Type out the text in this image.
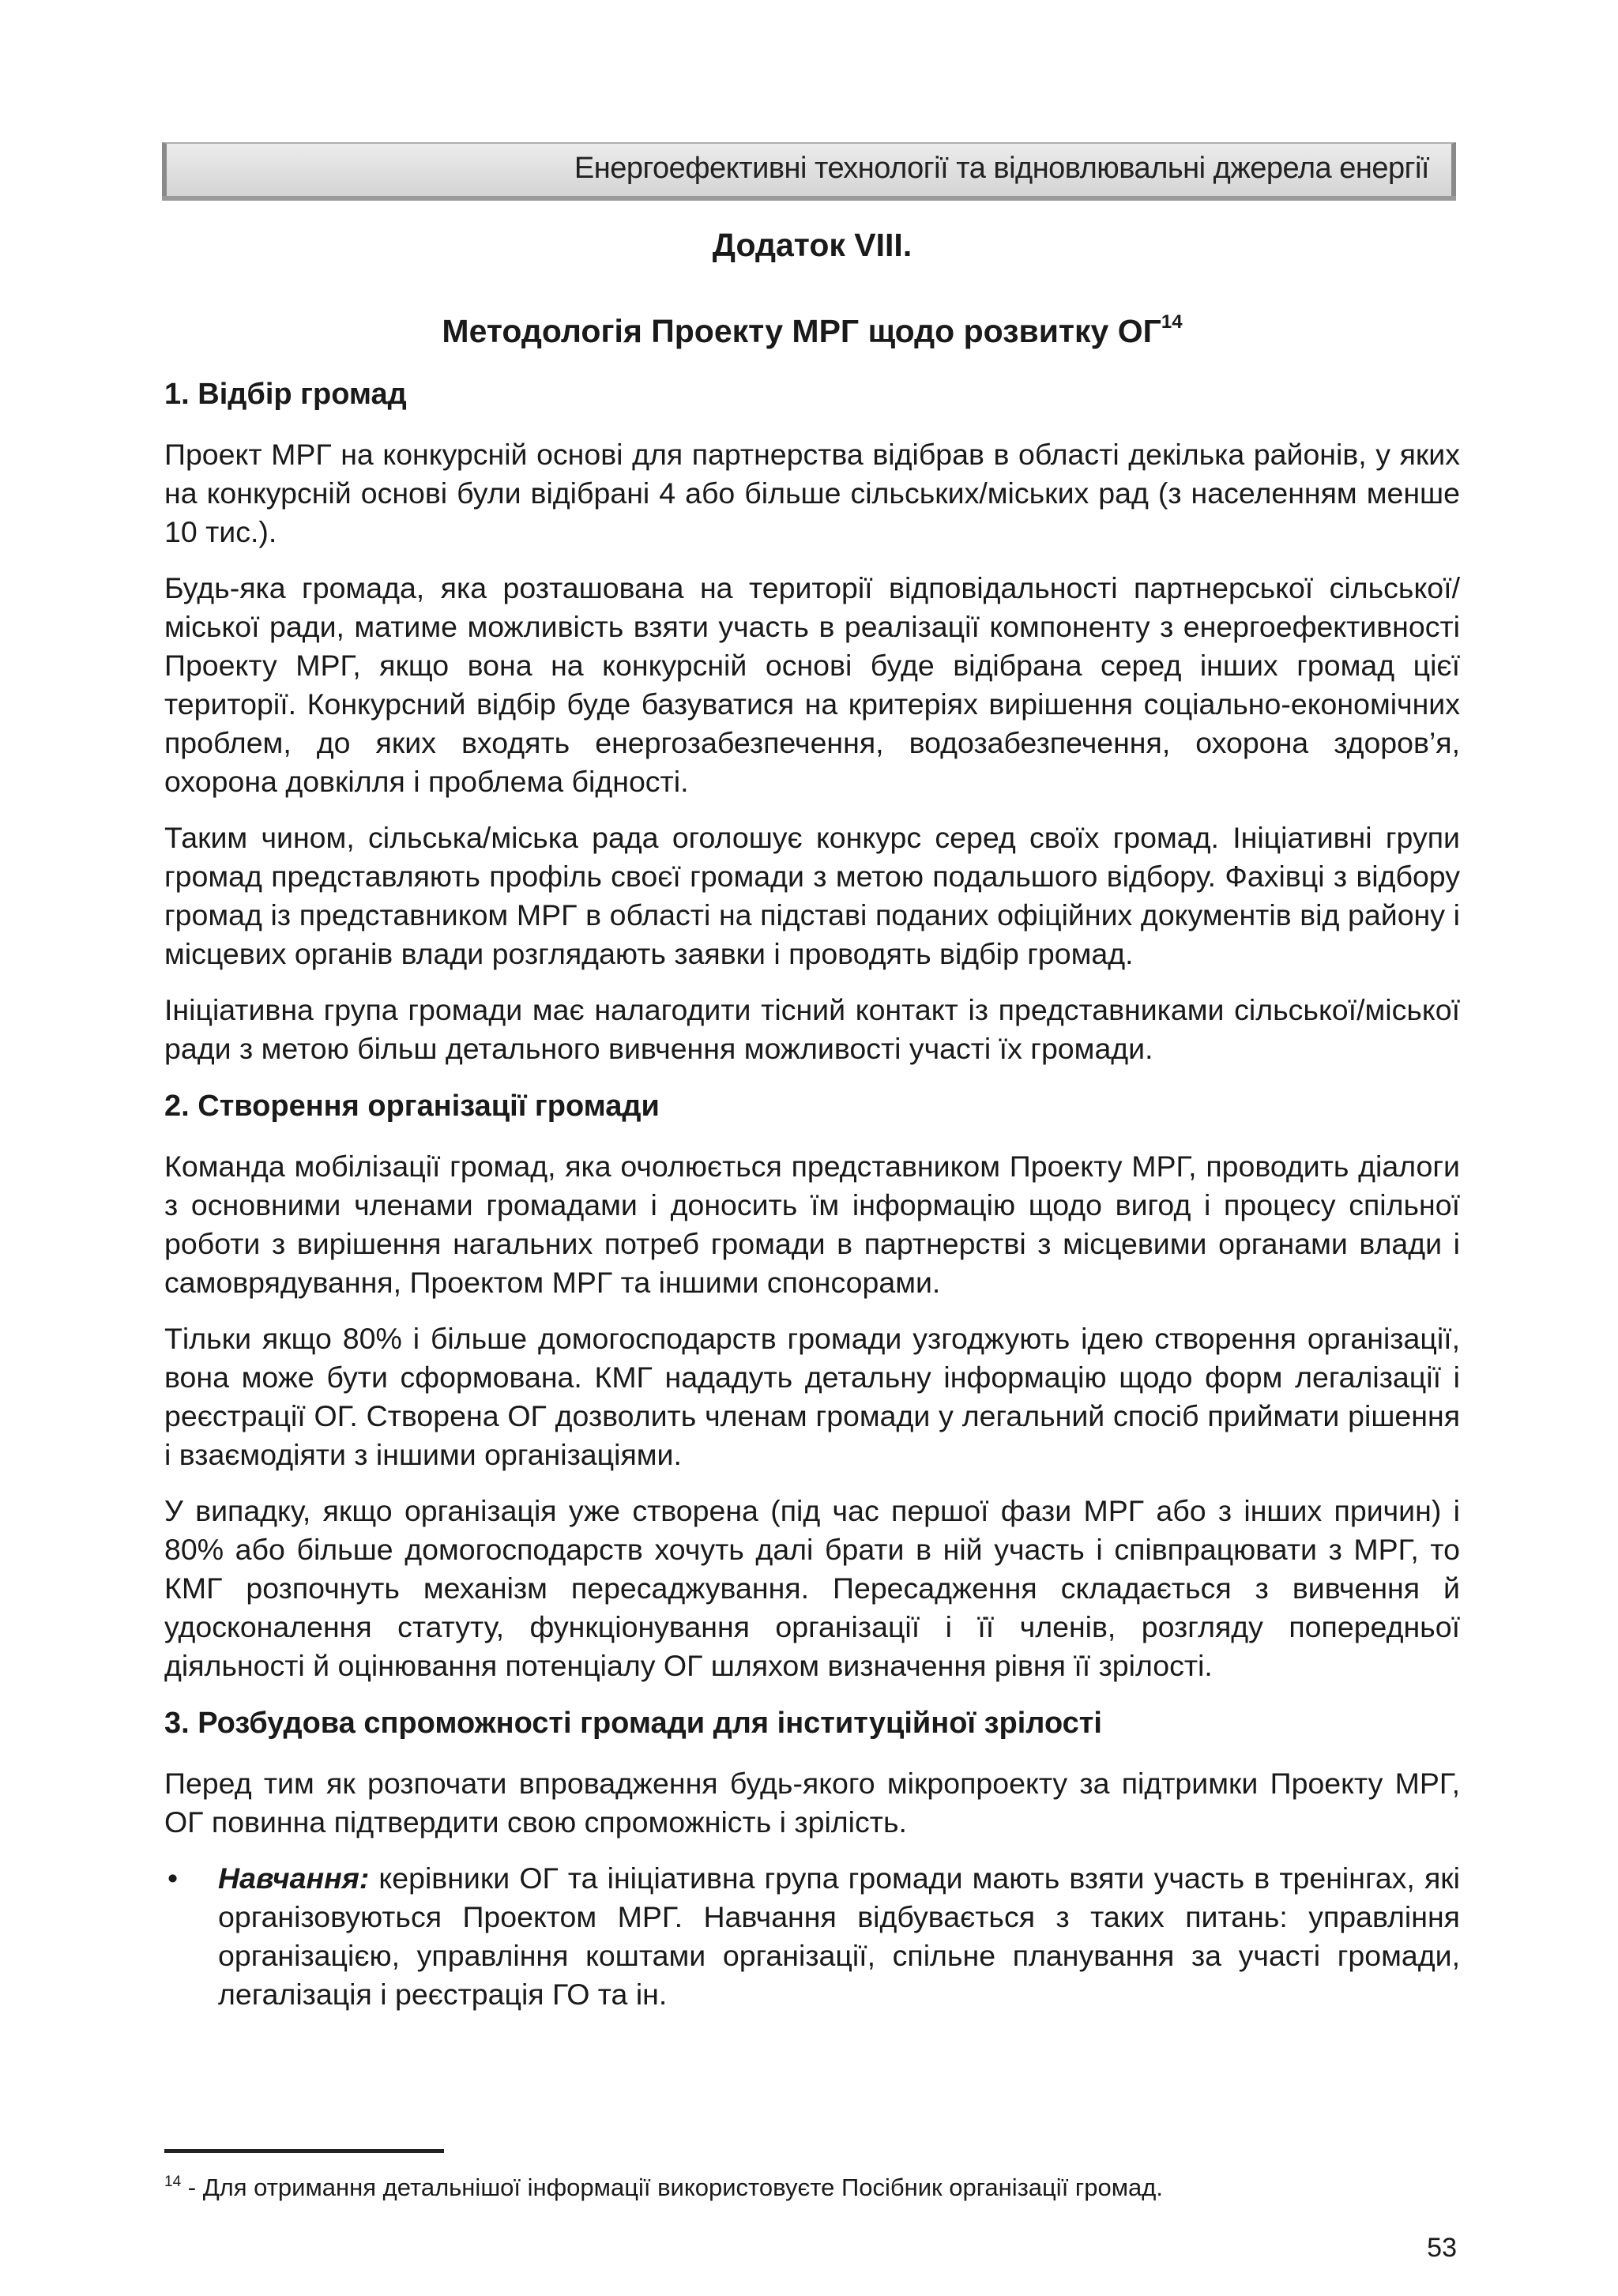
Енергоефективні технології та відновлювальні джерела енергії
Додаток VIII.
Методологія Проекту МРГ щодо розвитку ОГ$^{14}$
1. Відбір громад

Проект МРГ на конкурсній основі для партнерства відібрав в області декілька районів, у яких на конкурсній основі були відібрані 4 або більше сільських/міських рад (з населенням менше 10 тис.).

Будь-яка громада, яка розташована на території відповідальності партнерської сільської/міської ради, матиме можливість взяти участь в реалізації компоненту з енергоефективності Проекту МРГ, якщо вона на конкурсній основі буде відібрана серед інших громад цієї території. Конкурсний відбір буде базуватися на критеріях вирішення соціально-економічних проблем, до яких входять енергозабезпечення, водозабезпечення, охорона здоров’я, охорона довкілля і проблема бідності.

Таким чином, сільська/міська рада оголошує конкурс серед своїх громад. Ініціативні групи громад представляють профіль своєї громади з метою подальшого відбору. Фахівці з відбору громад із представником МРГ в області на підставі поданих офіційних документів від району і місцевих органів влади розглядають заявки і проводять відбір громад.

Ініціативна група громади має налагодити тісний контакт із представниками сільської/міської ради з метою більш детального вивчення можливості участі їх громади.

2. Створення організації громади

Команда мобілізації громад, яка очолюється представником Проекту МРГ, проводить діалоги з основними членами громадами і доносить їм інформацію щодо вигод і процесу спільної роботи з вирішення нагальних потреб громади в партнерстві з місцевими органами влади і самоврядування, Проектом МРГ та іншими спонсорами.

Тільки якщо 80% і більше домогосподарств громади узгоджують ідею створення організації, вона може бути сформована. КМГ нададуть детальну інформацію щодо форм легалізації і реєстрації ОГ. Створена ОГ дозволить членам громади у легальний спосіб приймати рішення і взаємодіяти з іншими організаціями.

У випадку, якщо організація уже створена (під час першої фази МРГ або з інших причин) і 80% або більше домогосподарств хочуть далі брати в ній участь і співпрацювати з МРГ, то КМГ розпочнуть механізм пересаджування. Пересадження складається з вивчення й удосконалення статуту, функціонування організації і її членів, розгляду попередньої діяльності й оцінювання потенціалу ОГ шляхом визначення рівня її зрілості.

3. Розбудова спроможності громади для інституційної зрілості

Перед тим як розпочати впровадження будь-якого мікропроекту за підтримки Проекту МРГ, ОГ повинна підтвердити свою спроможність і зрілість.

• Навчання: керівники ОГ та ініціативна група громади мають взяти участь в тренінгах, які організовуються Проектом МРГ. Навчання відбувається з таких питань: управління організацією, управління коштами організації, спільне планування за участі громади, легалізація і реєстрація ГО та ін.
$^{14}$ - Для отримання детальнішої інформації використовуєте Посібник організації громад.
53
